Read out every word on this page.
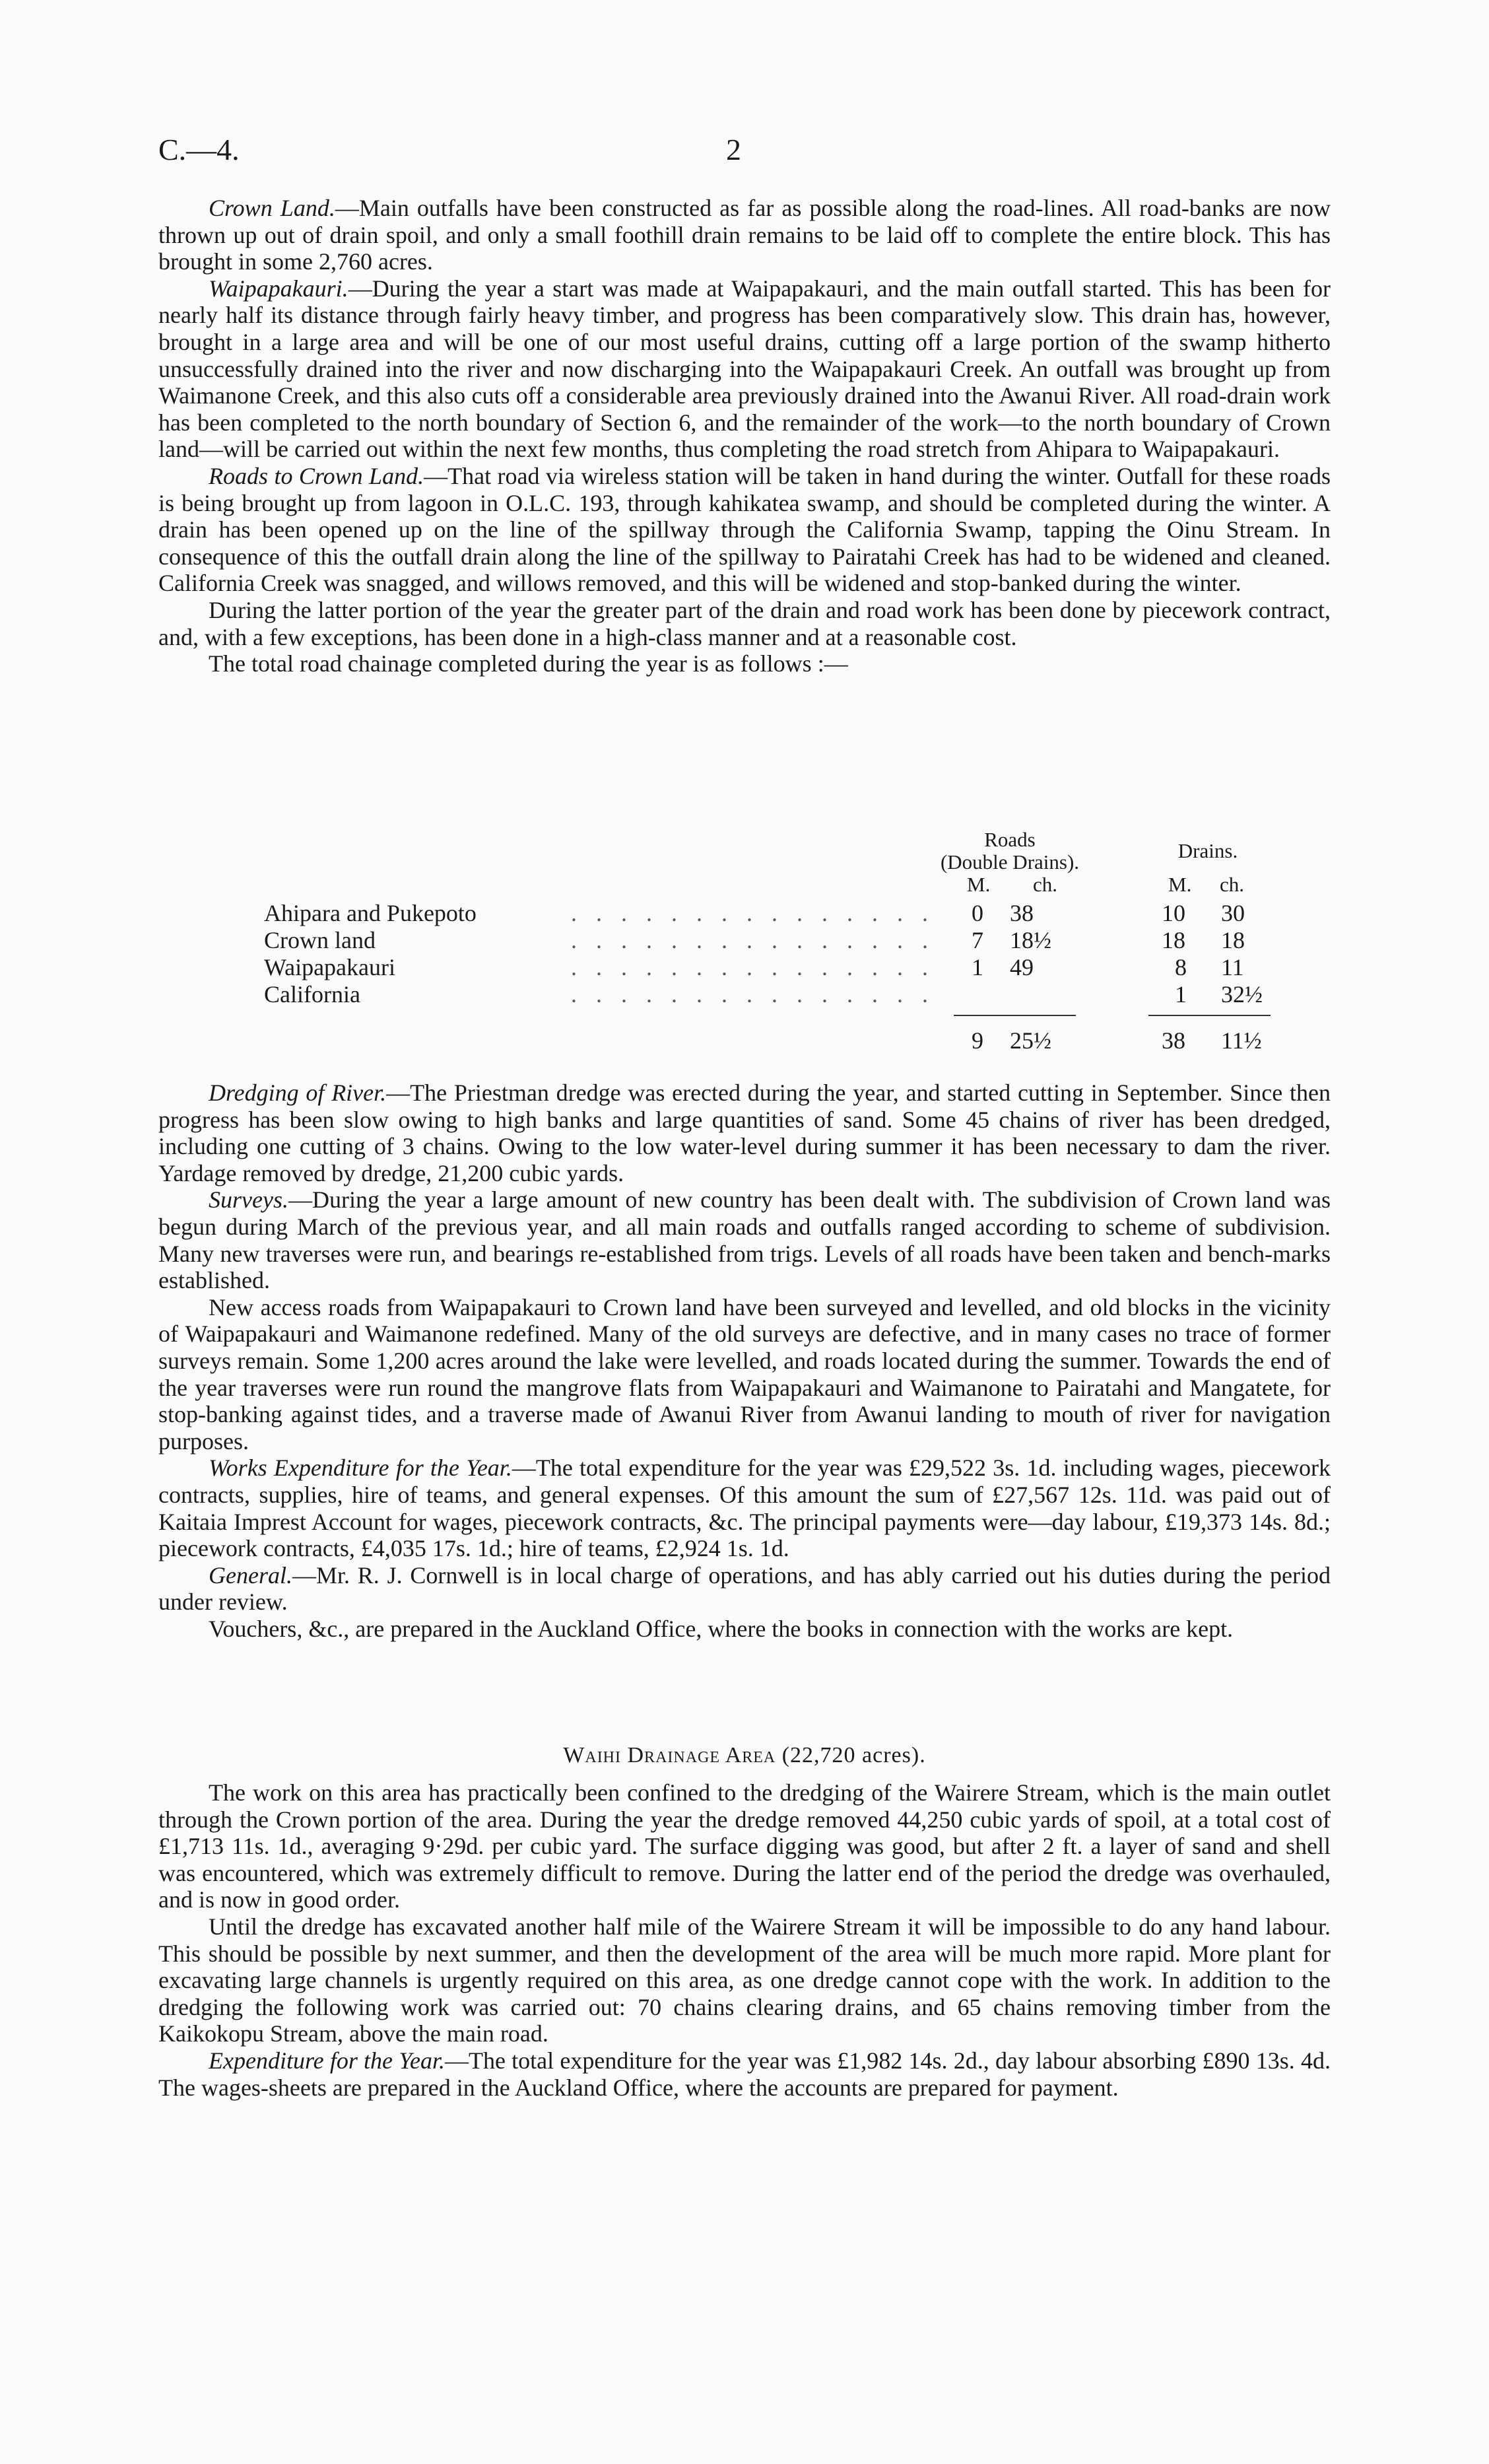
C.—4.	2

Crown Land.—Main outfalls have been constructed as far as possible along the road-lines. All road-banks are now thrown up out of drain spoil, and only a small foothill drain remains to be laid off to complete the entire block. This has brought in some 2,760 acres.

Waipapakauri.—During the year a start was made at Waipapakauri, and the main outfall started. This has been for nearly half its distance through fairly heavy timber, and progress has been comparatively slow. This drain has, however, brought in a large area and will be one of our most useful drains, cutting off a large portion of the swamp hitherto unsuccessfully drained into the river and now discharging into the Waipapakauri Creek. An outfall was brought up from Waimanone Creek, and this also cuts off a considerable area previously drained into the Awanui River. All road-drain work has been completed to the north boundary of Section 6, and the remainder of the work—to the north boundary of Crown land—will be carried out within the next few months, thus completing the road stretch from Ahipara to Waipapakauri.

Roads to Crown Land.—That road via wireless station will be taken in hand during the winter. Outfall for these roads is being brought up from lagoon in O.L.C. 193, through kahikatea swamp, and should be completed during the winter. A drain has been opened up on the line of the spillway through the California Swamp, tapping the Oinu Stream. In consequence of this the outfall drain along the line of the spillway to Pairatahi Creek has had to be widened and cleaned. California Creek was snagged, and willows removed, and this will be widened and stop-banked during the winter.

During the latter portion of the year the greater part of the drain and road work has been done by piecework contract, and, with a few exceptions, has been done in a high-class manner and at a reasonable cost.

The total road chainage completed during the year is as follows :—

Roads
(Double Drains).	Drains.
M. ch.	M. ch.
Ahipara and Pukepoto	. . . . . . . . . . . . . . . 0 38	10 30
Crown land	. . . . . . . . . . . . . . . 7 18½	18 18
Waipapakauri	. . . . . . . . . . . . . . . 1 49	8 11
California	. . . . . . . . . . . . . . .	1 32½
9 25½	38 11½

Dredging of River.—The Priestman dredge was erected during the year, and started cutting in September. Since then progress has been slow owing to high banks and large quantities of sand. Some 45 chains of river has been dredged, including one cutting of 3 chains. Owing to the low water-level during summer it has been necessary to dam the river. Yardage removed by dredge, 21,200 cubic yards.

Surveys.—During the year a large amount of new country has been dealt with. The subdivision of Crown land was begun during March of the previous year, and all main roads and outfalls ranged according to scheme of subdivision. Many new traverses were run, and bearings re-established from trigs. Levels of all roads have been taken and bench-marks established.

New access roads from Waipapakauri to Crown land have been surveyed and levelled, and old blocks in the vicinity of Waipapakauri and Waimanone redefined. Many of the old surveys are defective, and in many cases no trace of former surveys remain. Some 1,200 acres around the lake were levelled, and roads located during the summer. Towards the end of the year traverses were run round the mangrove flats from Waipapakauri and Waimanone to Pairatahi and Mangatete, for stop-banking against tides, and a traverse made of Awanui River from Awanui landing to mouth of river for navigation purposes.

Works Expenditure for the Year.—The total expenditure for the year was £29,522 3s. 1d. including wages, piecework contracts, supplies, hire of teams, and general expenses. Of this amount the sum of £27,567 12s. 11d. was paid out of Kaitaia Imprest Account for wages, piecework contracts, &c. The principal payments were—day labour, £19,373 14s. 8d.; piecework contracts, £4,035 17s. 1d.; hire of teams, £2,924 1s. 1d.

General.—Mr. R. J. Cornwell is in local charge of operations, and has ably carried out his duties during the period under review.

Vouchers, &c., are prepared in the Auckland Office, where the books in connection with the works are kept.

Waihi Drainage Area (22,720 acres).

The work on this area has practically been confined to the dredging of the Wairere Stream, which is the main outlet through the Crown portion of the area. During the year the dredge removed 44,250 cubic yards of spoil, at a total cost of £1,713 11s. 1d., averaging 9·29d. per cubic yard. The surface digging was good, but after 2 ft. a layer of sand and shell was encountered, which was extremely difficult to remove. During the latter end of the period the dredge was overhauled, and is now in good order.

Until the dredge has excavated another half mile of the Wairere Stream it will be impossible to do any hand labour. This should be possible by next summer, and then the development of the area will be much more rapid. More plant for excavating large channels is urgently required on this area, as one dredge cannot cope with the work. In addition to the dredging the following work was carried out: 70 chains clearing drains, and 65 chains removing timber from the Kaikokopu Stream, above the main road.

Expenditure for the Year.—The total expenditure for the year was £1,982 14s. 2d., day labour absorbing £890 13s. 4d. The wages-sheets are prepared in the Auckland Office, where the accounts are prepared for payment.
